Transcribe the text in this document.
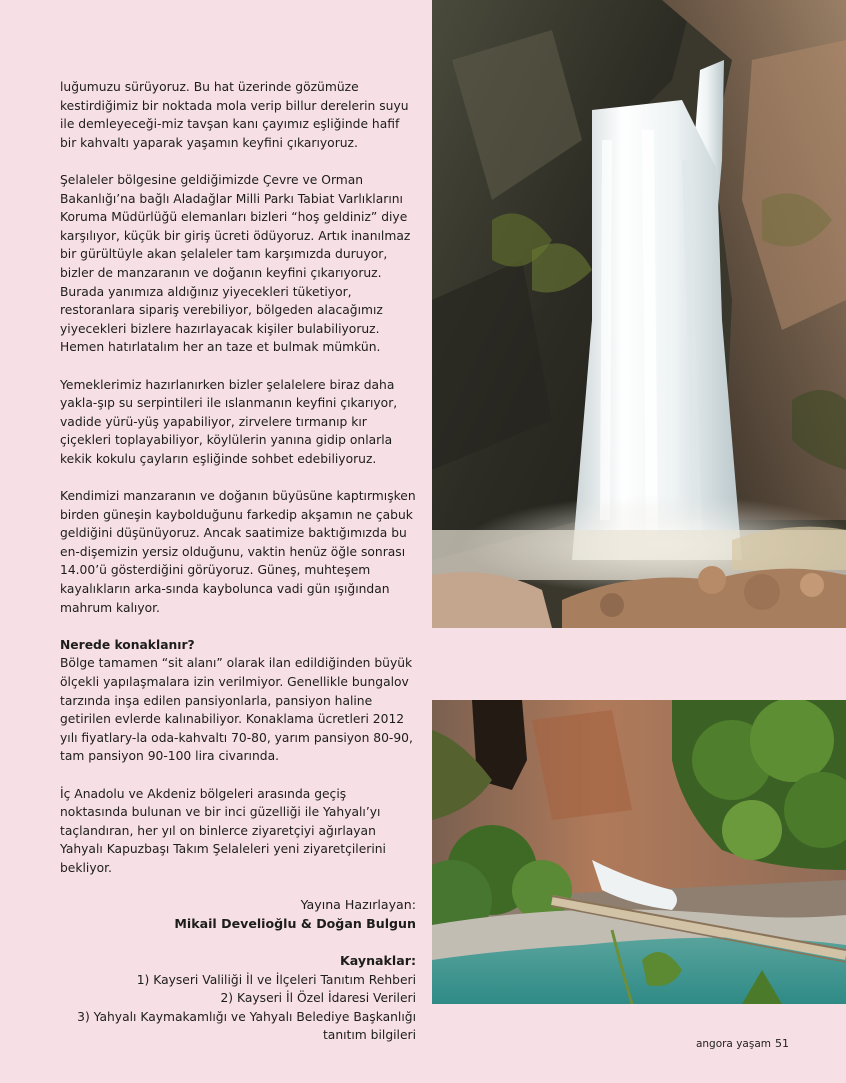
luğumuzu sürüyoruz. Bu hat üzerinde gözümüze kestirdiğimiz bir noktada mola verip billur derelerin suyu ile demleyeceği-miz tavşan kanı çayımız eşliğinde hafif bir kahvaltı yaparak yaşamın keyfini çıkarıyoruz.

Şelaleler bölgesine geldiğimizde Çevre ve Orman Bakanlığı’na bağlı Aladağlar Milli Parkı Tabiat Varlıklarını Koruma Müdürlüğü elemanları bizleri “hoş geldiniz” diye karşılıyor, küçük bir giriş ücreti ödüyoruz. Artık inanılmaz bir gürültüyle akan şelaleler tam karşımızda duruyor, bizler de manzaranın ve doğanın keyfini çıkarıyoruz. Burada yanımıza aldığınız yiyecekleri tüketiyor, restoranlara sipariş verebiliyor, bölgeden alacağımız yiyecekleri bizlere hazırlayacak kişiler bulabiliyoruz. Hemen hatırlatalım her an taze et bulmak mümkün.

Yemeklerimiz hazırlanırken bizler şelalelere biraz daha yakla-şıp su serpintileri ile ıslanmanın keyfini çıkarıyor, vadide yürü-yüş yapabiliyor, zirvelere tırmanıp kır çiçekleri toplayabiliyor, köylülerin yanına gidip onlarla kekik kokulu çayların eşliğinde sohbet edebiliyoruz.

Kendimizi manzaranın ve doğanın büyüsüne kaptırmışken birden güneşin kaybolduğunu farkedip akşamın ne çabuk geldiğini düşünüyoruz. Ancak saatimize baktığımızda bu en-dişemizin yersiz olduğunu, vaktin henüz öğle sonrası 14.00’ü gösterdiğini görüyoruz. Güneş, muhteşem kayalıkların arka-sında kaybolunca vadi gün ışığından mahrum kalıyor.

Nerede konaklanır?

Bölge tamamen “sit alanı” olarak ilan edildiğinden büyük ölçekli yapılaşmalara izin verilmiyor. Genellikle bungalov tarzında inşa edilen pansiyonlarla, pansiyon haline getirilen evlerde kalınabiliyor. Konaklama ücretleri 2012 yılı fiyatlary-la oda-kahvaltı 70-80, yarım pansiyon 80-90, tam pansiyon 90-100 lira civarında.

İç Anadolu ve Akdeniz bölgeleri arasında geçiş noktasında bulunan ve bir inci güzelliği ile Yahyalı’yı taçlandıran, her yıl on binlerce ziyaretçiyi ağırlayan Yahyalı Kapuzbaşı Takım Şelaleleri yeni ziyaretçilerini bekliyor.

Yayına Hazırlayan:
Mikail Develioğlu & Doğan Bulgun
Kaynaklar:
1) Kayseri Valiliği İl ve İlçeleri Tanıtım Rehberi
2) Kayseri İl Özel İdaresi Verileri
3) Yahyalı Kaymakamlığı ve Yahyalı Belediye Başkanlığı tanıtım bilgileri
angora yaşam 51
